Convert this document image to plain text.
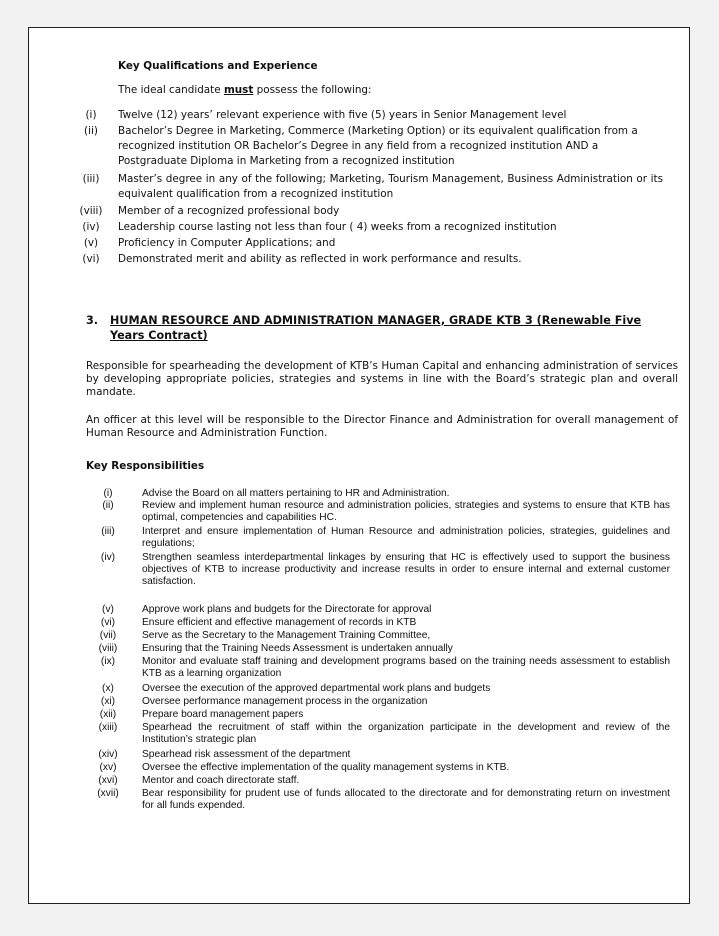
Key Qualifications and Experience
The ideal candidate must possess the following:
(i)	Twelve (12) years’ relevant experience with five (5) years in Senior Management level
(ii)	Bachelor’s Degree in Marketing, Commerce (Marketing Option) or its equivalent qualification from a recognized institution OR Bachelor’s Degree in any field from a recognized institution AND a Postgraduate Diploma in Marketing from a recognized institution
(iii)	Master’s degree in any of the following; Marketing, Tourism Management, Business Administration or its equivalent qualification from a recognized institution
(viii)	Member of a recognized professional body
(iv)	Leadership course lasting not less than four ( 4) weeks from a recognized institution
(v)	Proficiency in Computer Applications; and
(vi)	Demonstrated merit and ability as reflected in work performance and results.
3. HUMAN RESOURCE AND ADMINISTRATION MANAGER, GRADE KTB 3 (Renewable Five Years Contract)
Responsible for spearheading the development of KTB’s Human Capital and enhancing administration of services by developing appropriate policies, strategies and systems in line with the Board’s strategic plan and overall mandate.
An officer at this level will be responsible to the Director Finance and Administration for overall management of Human Resource and Administration Function.
Key Responsibilities
(i)	Advise the Board on all matters pertaining to HR and Administration.
(ii)	Review and implement human resource and administration policies, strategies and systems to ensure that KTB has optimal, competencies and capabilities HC.
(iii)	Interpret and ensure implementation of Human Resource and administration policies, strategies, guidelines and regulations;
(iv)	Strengthen seamless interdepartmental linkages by ensuring that HC is effectively used to support the business objectives of KTB to increase productivity and increase results in order to ensure internal and external customer satisfaction.
(v)	Approve work plans and budgets for the Directorate for approval
(vi)	Ensure efficient and effective management of records in KTB
(vii)	Serve as the Secretary to the Management Training Committee,
(viii)	Ensuring that the Training Needs Assessment is undertaken annually
(ix)	Monitor and evaluate staff training and development programs based on the training needs assessment to establish KTB as a learning organization
(x)	Oversee the execution of the approved departmental work plans and budgets
(xi)	Oversee performance management process in the organization
(xii)	Prepare board management papers
(xiii)	Spearhead the recruitment of staff within the organization participate in the development and review of the Institution’s strategic plan
(xiv)	Spearhead risk assessment of the department
(xv)	Oversee the effective implementation of the quality management systems in KTB.
(xvi)	Mentor and coach directorate staff.
(xvii)	Bear responsibility for prudent use of funds allocated to the directorate and for demonstrating return on investment for all funds expended.
